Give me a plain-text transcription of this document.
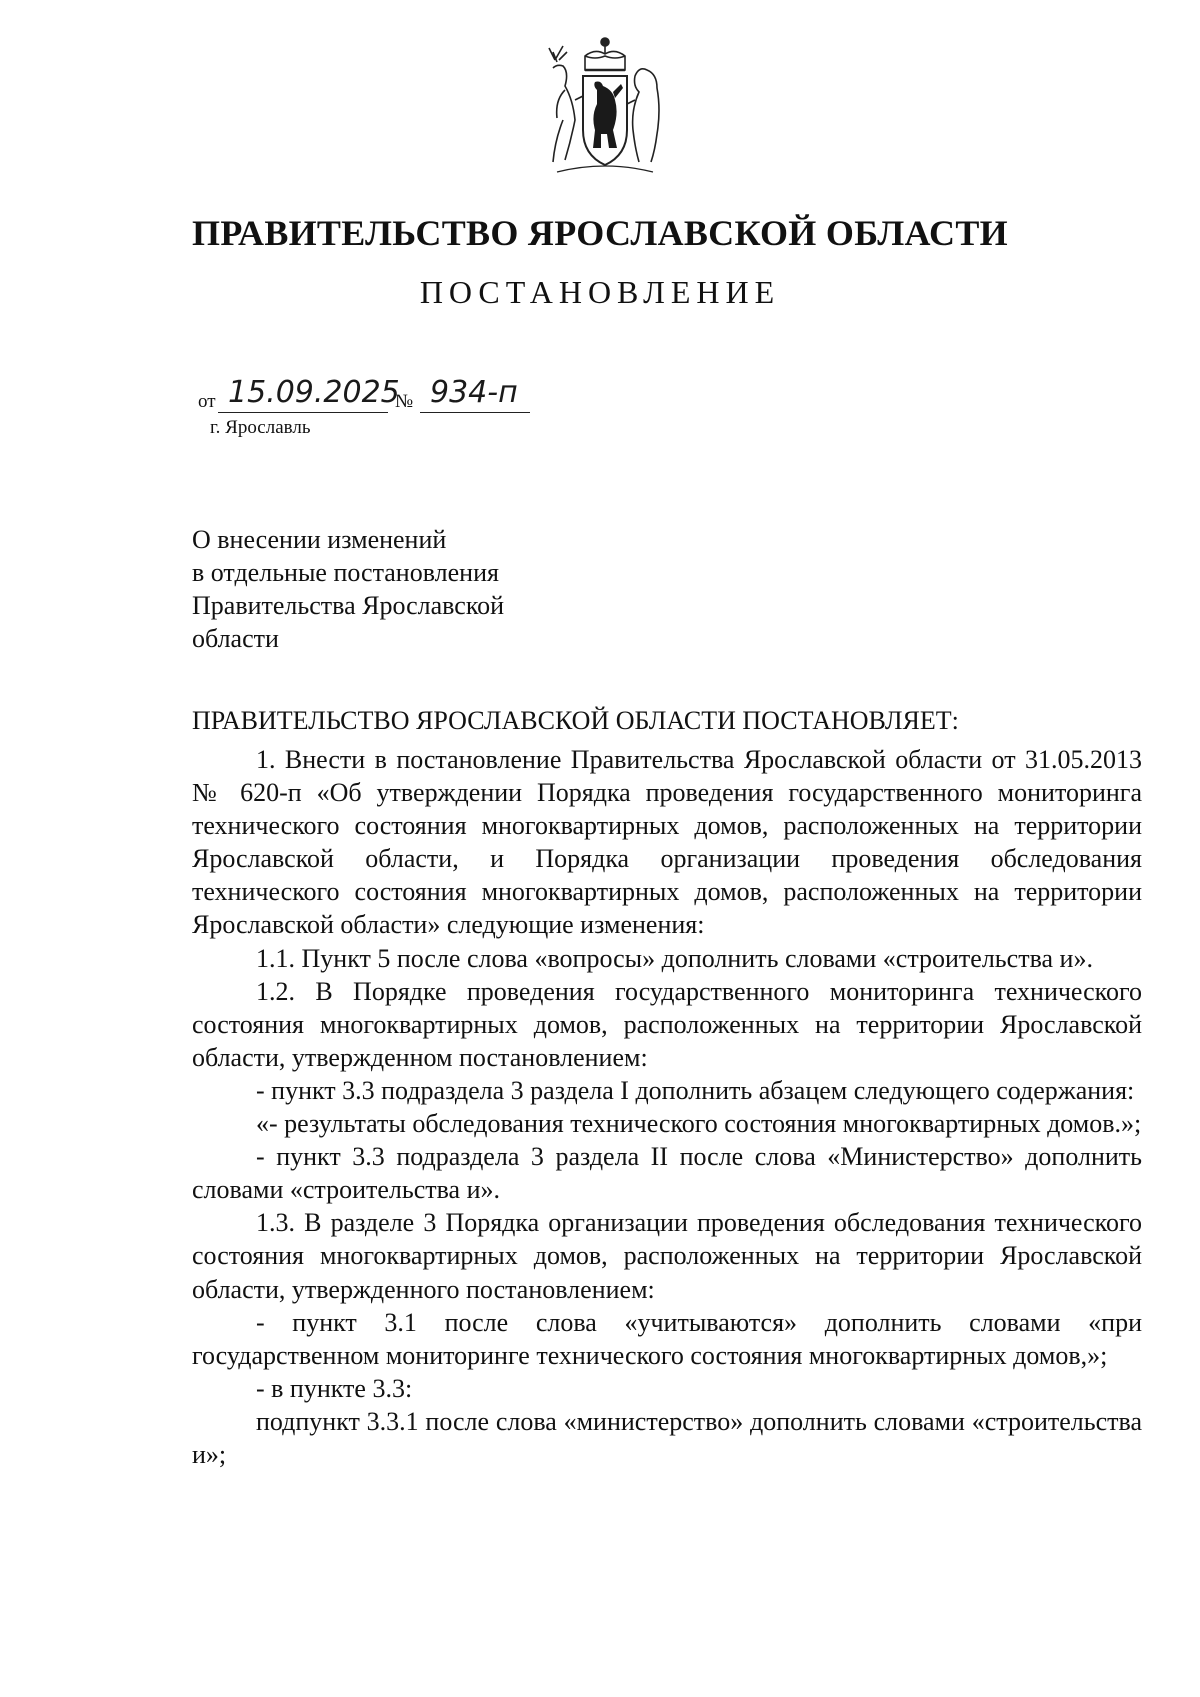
ПРАВИТЕЛЬСТВО ЯРОСЛАВСКОЙ ОБЛАСТИ
ПОСТАНОВЛЕНИЕ
от 15.09.2025
№ 934-п
г. Ярославль
О внесении изменений
в отдельные постановления
Правительства Ярославской
области
ПРАВИТЕЛЬСТВО ЯРОСЛАВСКОЙ ОБЛАСТИ ПОСТАНОВЛЯЕТ:

1. Внести в постановление Правительства Ярославской области от 31.05.2013 № 620-п «Об утверждении Порядка проведения государственного мониторинга технического состояния многоквартирных домов, расположенных на территории Ярославской области, и Порядка организации проведения обследования технического состояния многоквартирных домов, расположенных на территории Ярославской области» следующие изменения:

1.1. Пункт 5 после слова «вопросы» дополнить словами «строительства и».

1.2. В Порядке проведения государственного мониторинга технического состояния многоквартирных домов, расположенных на территории Ярославской области, утвержденном постановлением:

- пункт 3.3 подраздела 3 раздела I дополнить абзацем следующего содержания:

«- результаты обследования технического состояния многоквартирных домов.»;

- пункт 3.3 подраздела 3 раздела II после слова «Министерство» дополнить словами «строительства и».

1.3. В разделе 3 Порядка организации проведения обследования технического состояния многоквартирных домов, расположенных на территории Ярославской области, утвержденного постановлением:

- пункт 3.1 после слова «учитываются» дополнить словами «при государственном мониторинге технического состояния многоквартирных домов,»;

- в пункте 3.3:

подпункт 3.3.1 после слова «министерство» дополнить словами «строительства и»;
